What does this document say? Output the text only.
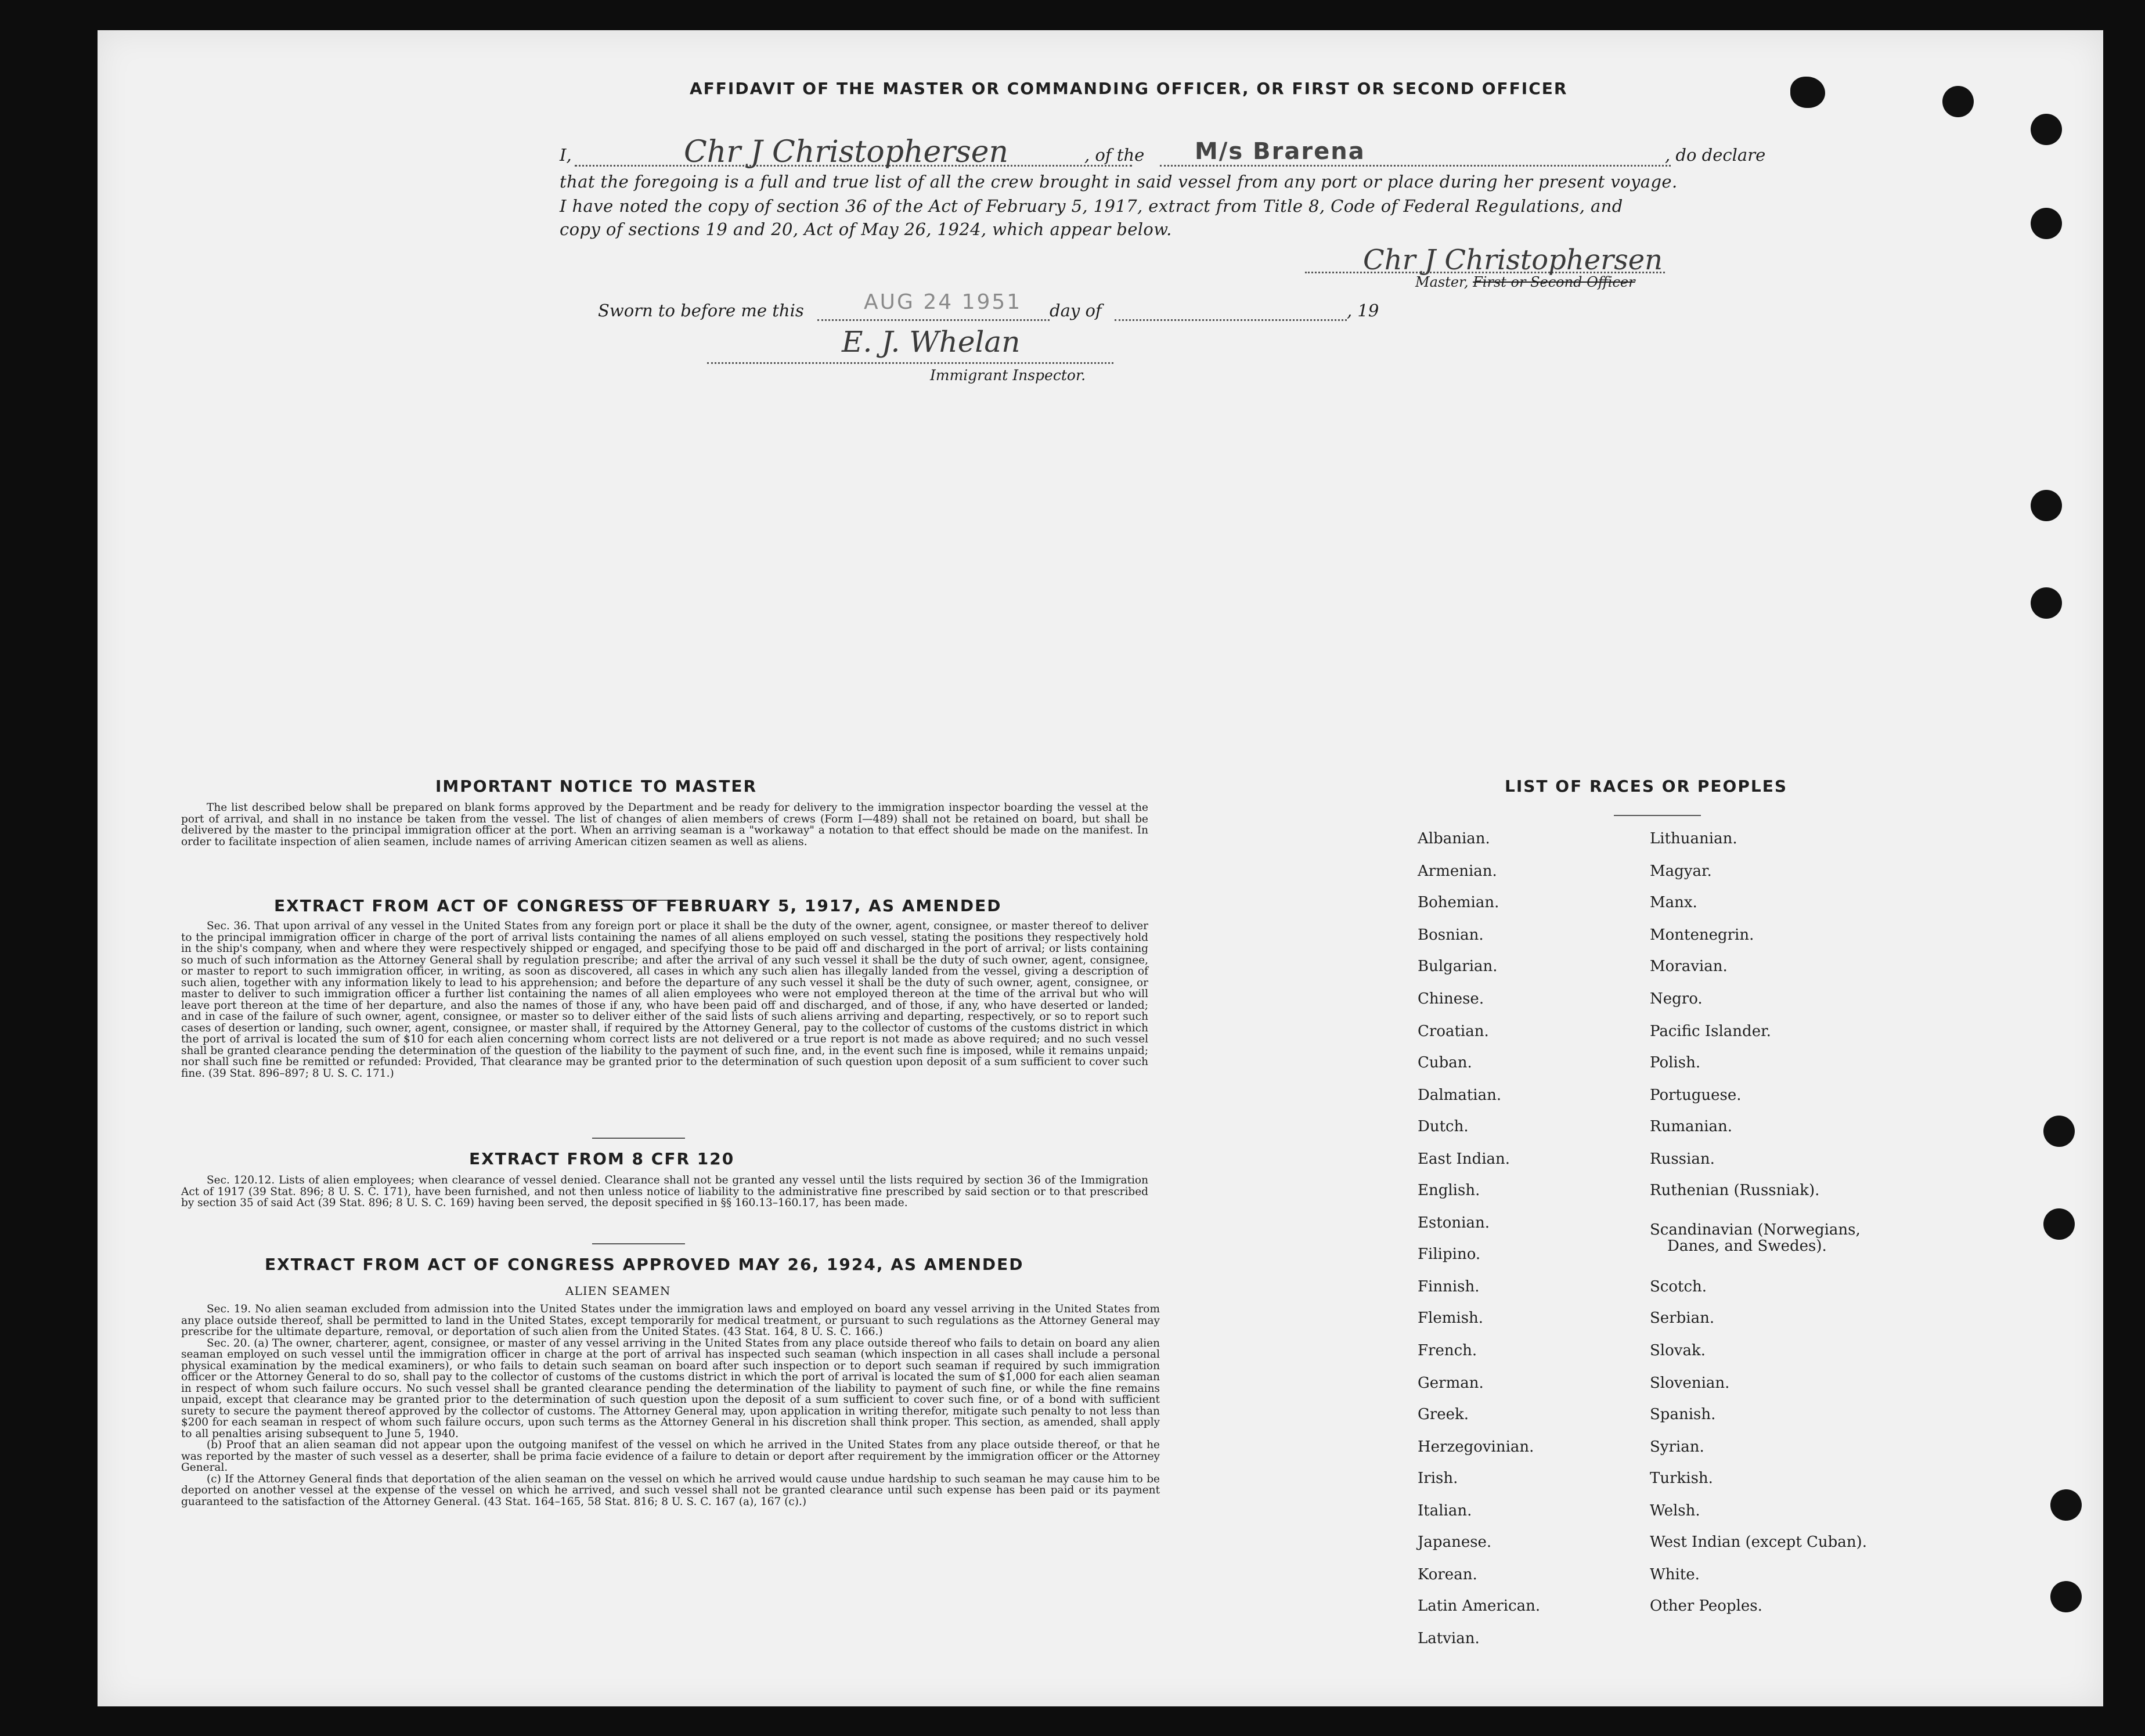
AFFIDAVIT OF THE MASTER OR COMMANDING OFFICER, OR FIRST OR SECOND OFFICER
I,	Chr J Christophersen	, of the M/s Brarena	, do declare
that the foregoing is a full and true list of all the crew brought in said vessel from any port or place during her present voyage.
I have noted the copy of section 36 of the Act of February 5, 1917, extract from Title 8, Code of Federal Regulations, and
copy of sections 19 and 20, Act of May 26, 1924, which appear below.
Chr J Christophersen
Master, First or Second Officer
Sworn to before me this	AUG 24 1951 day of	, 19
E. J. Whelan
Immigrant Inspector.
IMPORTANT NOTICE TO MASTER

The list described below shall be prepared on blank forms approved by the Department and be ready for delivery to the immigration inspector boarding the vessel at the port of arrival, and shall in no instance be taken from the vessel. The list of changes of alien members of crews (Form I—489) shall not be retained on board, but shall be delivered by the master to the principal immigration officer at the port. When an arriving seaman is a "workaway" a notation to that effect should be made on the manifest. In order to facilitate inspection of alien seamen, include names of arriving American citizen seamen as well as aliens.

EXTRACT FROM ACT OF CONGRESS OF FEBRUARY 5, 1917, AS AMENDED

Sec. 36. That upon arrival of any vessel in the United States from any foreign port or place it shall be the duty of the owner, agent, consignee, or master thereof to deliver to the principal immigration officer in charge of the port of arrival lists containing the names of all aliens employed on such vessel, stating the positions they respectively hold in the ship's company, when and where they were respectively shipped or engaged, and specifying those to be paid off and discharged in the port of arrival; or lists containing so much of such information as the Attorney General shall by regulation prescribe; and after the arrival of any such vessel it shall be the duty of such owner, agent, consignee, or master to report to such immigration officer, in writing, as soon as discovered, all cases in which any such alien has illegally landed from the vessel, giving a description of such alien, together with any information likely to lead to his apprehension; and before the departure of any such vessel it shall be the duty of such owner, agent, consignee, or master to deliver to such immigration officer a further list containing the names of all alien employees who were not employed thereon at the time of the arrival but who will leave port thereon at the time of her departure, and also the names of those if any, who have been paid off and discharged, and of those, if any, who have deserted or landed; and in case of the failure of such owner, agent, consignee, or master so to deliver either of the said lists of such aliens arriving and departing, respectively, or so to report such cases of desertion or landing, such owner, agent, consignee, or master shall, if required by the Attorney General, pay to the collector of customs of the customs district in which the port of arrival is located the sum of $10 for each alien concerning whom correct lists are not delivered or a true report is not made as above required; and no such vessel shall be granted clearance pending the determination of the question of the liability to the payment of such fine, and, in the event such fine is imposed, while it remains unpaid; nor shall such fine be remitted or refunded: Provided, That clearance may be granted prior to the determination of such question upon deposit of a sum sufficient to cover such fine. (39 Stat. 896–897; 8 U. S. C. 171.)

EXTRACT FROM 8 CFR 120

Sec. 120.12. Lists of alien employees; when clearance of vessel denied. Clearance shall not be granted any vessel until the lists required by section 36 of the Immigration Act of 1917 (39 Stat. 896; 8 U. S. C. 171), have been furnished, and not then unless notice of liability to the administrative fine prescribed by said section or to that prescribed by section 35 of said Act (39 Stat. 896; 8 U. S. C. 169) having been served, the deposit specified in §§ 160.13–160.17, has been made.

EXTRACT FROM ACT OF CONGRESS APPROVED MAY 26, 1924, AS AMENDED
ALIEN SEAMEN

Sec. 19. No alien seaman excluded from admission into the United States under the immigration laws and employed on board any vessel arriving in the United States from any place outside thereof, shall be permitted to land in the United States, except temporarily for medical treatment, or pursuant to such regulations as the Attorney General may prescribe for the ultimate departure, removal, or deportation of such alien from the United States. (43 Stat. 164, 8 U. S. C. 166.)

Sec. 20. (a) The owner, charterer, agent, consignee, or master of any vessel arriving in the United States from any place outside thereof who fails to detain on board any alien seaman employed on such vessel until the immigration officer in charge at the port of arrival has inspected such seaman (which inspection in all cases shall include a personal physical examination by the medical examiners), or who fails to detain such seaman on board after such inspection or to deport such seaman if required by such immigration officer or the Attorney General to do so, shall pay to the collector of customs of the customs district in which the port of arrival is located the sum of $1,000 for each alien seaman in respect of whom such failure occurs. No such vessel shall be granted clearance pending the determination of the liability to payment of such fine, or while the fine remains unpaid, except that clearance may be granted prior to the determination of such question upon the deposit of a sum sufficient to cover such fine, or of a bond with sufficient surety to secure the payment thereof approved by the collector of customs. The Attorney General may, upon application in writing therefor, mitigate such penalty to not less than $200 for each seaman in respect of whom such failure occurs, upon such terms as the Attorney General in his discretion shall think proper. This section, as amended, shall apply to all penalties arising subsequent to June 5, 1940.

(b) Proof that an alien seaman did not appear upon the outgoing manifest of the vessel on which he arrived in the United States from any place outside thereof, or that he was reported by the master of such vessel as a deserter, shall be prima facie evidence of a failure to detain or deport after requirement by the immigration officer or the Attorney General.

(c) If the Attorney General finds that deportation of the alien seaman on the vessel on which he arrived would cause undue hardship to such seaman he may cause him to be deported on another vessel at the expense of the vessel on which he arrived, and such vessel shall not be granted clearance until such expense has been paid or its payment guaranteed to the satisfaction of the Attorney General. (43 Stat. 164–165, 58 Stat. 816; 8 U. S. C. 167 (a), 167 (c).)

LIST OF RACES OR PEOPLES
Albanian.
Armenian.
Bohemian.
Bosnian.
Bulgarian.
Chinese.
Croatian.
Cuban.
Dalmatian.
Dutch.
East Indian.
English.
Estonian.
Filipino.
Finnish.
Flemish.
French.
German.
Greek.
Herzegovinian.
Irish.
Italian.
Japanese.
Korean.
Latin American.
Latvian.
Lithuanian.
Magyar.
Manx.
Montenegrin.
Moravian.
Negro.
Pacific Islander.
Polish.
Portuguese.
Rumanian.
Russian.
Ruthenian (Russniak).
Scandinavian (Norwegians,
Danes, and Swedes).
Scotch.
Serbian.
Slovak.
Slovenian.
Spanish.
Syrian.
Turkish.
Welsh.
West Indian (except Cuban).
White.
Other Peoples.
